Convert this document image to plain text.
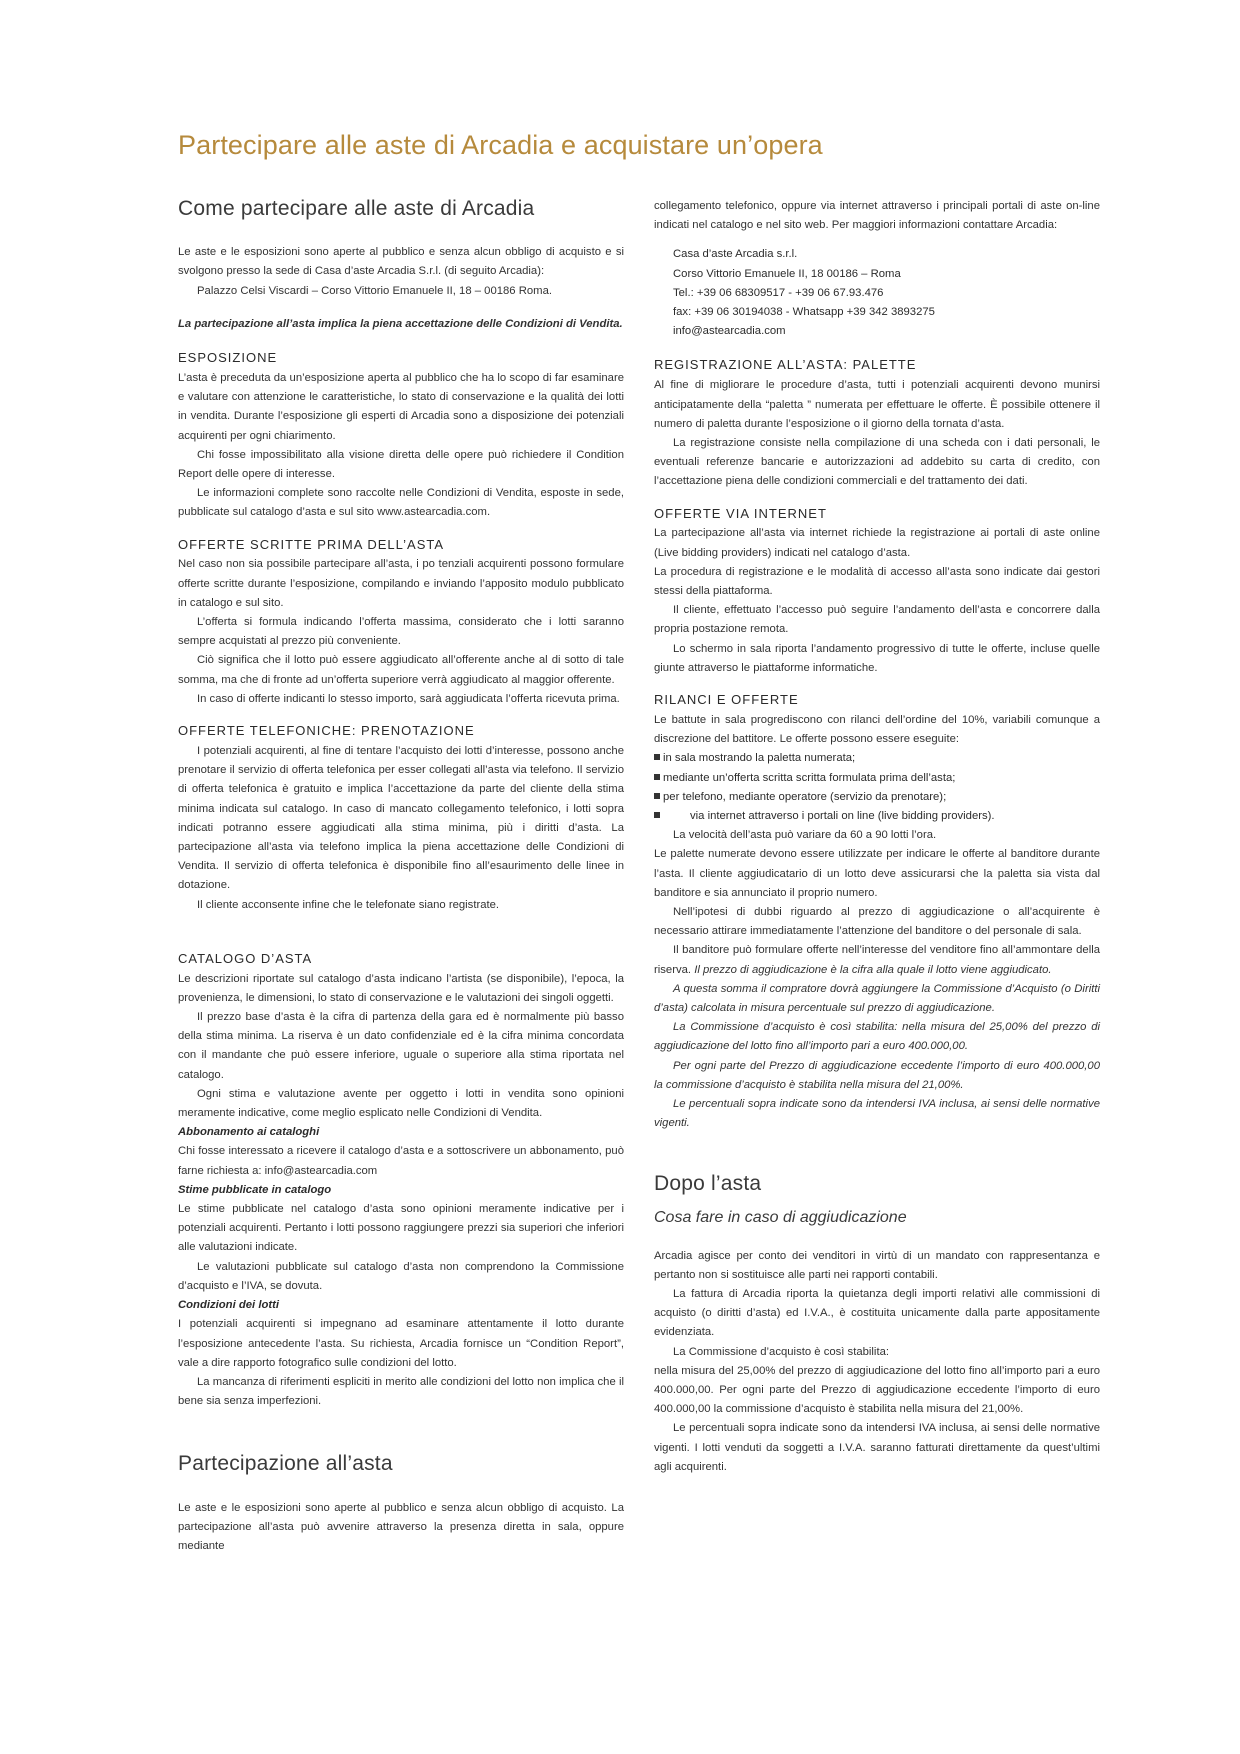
Partecipare alle aste di Arcadia e acquistare un’opera
Come partecipare alle aste di Arcadia

Le aste e le esposizioni sono aperte al pubblico e senza alcun obbligo di acquisto e si svolgono presso la sede di Casa d’aste Arcadia S.r.l. (di seguito Arcadia):

Palazzo Celsi Viscardi – Corso Vittorio Emanuele II, 18 – 00186 Roma.

La partecipazione all’asta implica la piena accettazione delle Condizioni di Vendita.

ESPOSIZIONE

L’asta è preceduta da un’esposizione aperta al pubblico che ha lo scopo di far esaminare e valutare con attenzione le caratteristiche, lo stato di conservazione e la qualità dei lotti in vendita. Durante l’esposizione gli esperti di Arcadia sono a disposizione dei potenziali acquirenti per ogni chiarimento.

Chi fosse impossibilitato alla visione diretta delle opere può richiedere il Condition Report delle opere di interesse.

Le informazioni complete sono raccolte nelle Condizioni di Vendita, esposte in sede, pubblicate sul catalogo d’asta e sul sito www.astearcadia.com.

OFFERTE SCRITTE PRIMA DELL’ASTA

Nel caso non sia possibile partecipare all’asta, i po tenziali acquirenti possono formulare offerte scritte durante l’esposizione, compilando e inviando l’apposito modulo pubblicato in catalogo e sul sito.

L’offerta si formula indicando l’offerta massima, considerato che i lotti saranno sempre acquistati al prezzo più conveniente.

Ciò significa che il lotto può essere aggiudicato all’offerente anche al di sotto di tale somma, ma che di fronte ad un’offerta superiore verrà aggiudicato al maggior offerente.

In caso di offerte indicanti lo stesso importo, sarà aggiudicata l’offerta ricevuta prima.

OFFERTE TELEFONICHE: PRENOTAZIONE

I potenziali acquirenti, al fine di tentare l’acquisto dei lotti d’interesse, possono anche prenotare il servizio di offerta telefonica per esser collegati all’asta via telefono. Il servizio di offerta telefonica è gratuito e implica l’accettazione da parte del cliente della stima minima indicata sul catalogo. In caso di mancato collegamento telefonico, i lotti sopra indicati potranno essere aggiudicati alla stima minima, più i diritti d’asta. La partecipazione all’asta via telefono implica la piena accettazione delle Condizioni di Vendita. Il servizio di offerta telefonica è disponibile fino all’esaurimento delle linee in dotazione.

Il cliente acconsente infine che le telefonate siano registrate.

CATALOGO D’ASTA

Le descrizioni riportate sul catalogo d’asta indicano l’artista (se disponibile), l’epoca, la provenienza, le dimensioni, lo stato di conservazione e le valutazioni dei singoli oggetti.

Il prezzo base d’asta è la cifra di partenza della gara ed è normalmente più basso della stima minima. La riserva è un dato confidenziale ed è la cifra minima concordata con il mandante che può essere inferiore, uguale o superiore alla stima riportata nel catalogo.

Ogni stima e valutazione avente per oggetto i lotti in vendita sono opinioni meramente indicative, come meglio esplicato nelle Condizioni di Vendita.

Abbonamento ai cataloghi

Chi fosse interessato a ricevere il catalogo d’asta e a sottoscrivere un abbonamento, può farne richiesta a: info@astearcadia.com

Stime pubblicate in catalogo

Le stime pubblicate nel catalogo d’asta sono opinioni meramente indicative per i potenziali acquirenti. Pertanto i lotti possono raggiungere prezzi sia superiori che inferiori alle valutazioni indicate.

Le valutazioni pubblicate sul catalogo d’asta non comprendono la Commissione d’acquisto e l’IVA, se dovuta.

Condizioni dei lotti

I potenziali acquirenti si impegnano ad esaminare attentamente il lotto durante l’esposizione antecedente l’asta. Su richiesta, Arcadia fornisce un “Condition Report”, vale a dire rapporto fotografico sulle condizioni del lotto.

La mancanza di riferimenti espliciti in merito alle condizioni del lotto non implica che il bene sia senza imperfezioni.

Partecipazione all’asta

Le aste e le esposizioni sono aperte al pubblico e senza alcun obbligo di acquisto. La partecipazione all’asta può avvenire attraverso la presenza diretta in sala, oppure mediante

collegamento telefonico, oppure via internet attraverso i principali portali di aste on-line indicati nel catalogo e nel sito web. Per maggiori informazioni contattare Arcadia:

Casa d’aste Arcadia s.r.l.
Corso Vittorio Emanuele II, 18 00186 – Roma
Tel.: +39 06 68309517 - +39 06 67.93.476
fax: +39 06 30194038 - Whatsapp +39 342 3893275
info@astearcadia.com
REGISTRAZIONE ALL’ASTA: PALETTE

Al fine di migliorare le procedure d’asta, tutti i potenziali acquirenti devono munirsi anticipatamente della “paletta ” numerata per effettuare le offerte. È possibile ottenere il numero di paletta durante l’esposizione o il giorno della tornata d’asta.

La registrazione consiste nella compilazione di una scheda con i dati personali, le eventuali referenze bancarie e autorizzazioni ad addebito su carta di credito, con l’accettazione piena delle condizioni commerciali e del trattamento dei dati.

OFFERTE VIA INTERNET

La partecipazione all’asta via internet richiede la registrazione ai portali di aste online (Live bidding providers) indicati nel catalogo d’asta.

La procedura di registrazione e le modalità di accesso all’asta sono indicate dai gestori stessi della piattaforma.

Il cliente, effettuato l’accesso può seguire l’andamento dell’asta e concorrere dalla propria postazione remota.

Lo schermo in sala riporta l’andamento progressivo di tutte le offerte, incluse quelle giunte attraverso le piattaforme informatiche.

RILANCI E OFFERTE

Le battute in sala progrediscono con rilanci dell’ordine del 10%, variabili comunque a discrezione del battitore. Le offerte possono essere eseguite:

in sala mostrando la paletta numerata;

mediante un’offerta scritta scritta formulata prima dell’asta;

per telefono, mediante operatore (servizio da prenotare);

via internet attraverso i portali on line (live bidding providers).

La velocità dell’asta può variare da 60 a 90 lotti l’ora.

Le palette numerate devono essere utilizzate per indicare le offerte al banditore durante l’asta. Il cliente aggiudicatario di un lotto deve assicurarsi che la paletta sia vista dal banditore e sia annunciato il proprio numero.

Nell’ipotesi di dubbi riguardo al prezzo di aggiudicazione o all’acquirente è necessario attirare immediatamente l’attenzione del banditore o del personale di sala.

Il banditore può formulare offerte nell’interesse del venditore fino all’ammontare della riserva. Il prezzo di aggiudicazione è la cifra alla quale il lotto viene aggiudicato.

A questa somma il compratore dovrà aggiungere la Commissione d’Acquisto (o Diritti d’asta) calcolata in misura percentuale sul prezzo di aggiudicazione.

La Commissione d’acquisto è così stabilita: nella misura del 25,00% del prezzo di aggiudicazione del lotto fino all’importo pari a euro 400.000,00.

Per ogni parte del Prezzo di aggiudicazione eccedente l’importo di euro 400.000,00 la commissione d’acquisto è stabilita nella misura del 21,00%.

Le percentuali sopra indicate sono da intendersi IVA inclusa, ai sensi delle normative vigenti.

Dopo l’asta
Cosa fare in caso di aggiudicazione

Arcadia agisce per conto dei venditori in virtù di un mandato con rappresentanza e pertanto non si sostituisce alle parti nei rapporti contabili.

La fattura di Arcadia riporta la quietanza degli importi relativi alle commissioni di acquisto (o diritti d’asta) ed I.V.A., è costituita unicamente dalla parte appositamente evidenziata.

La Commissione d’acquisto è così stabilita:

nella misura del 25,00% del prezzo di aggiudicazione del lotto fino all’importo pari a euro 400.000,00. Per ogni parte del Prezzo di aggiudicazione eccedente l’importo di euro 400.000,00 la commissione d’acquisto è stabilita nella misura del 21,00%.

Le percentuali sopra indicate sono da intendersi IVA inclusa, ai sensi delle normative vigenti. I lotti venduti da soggetti a I.V.A. saranno fatturati direttamente da quest’ultimi agli acquirenti.
